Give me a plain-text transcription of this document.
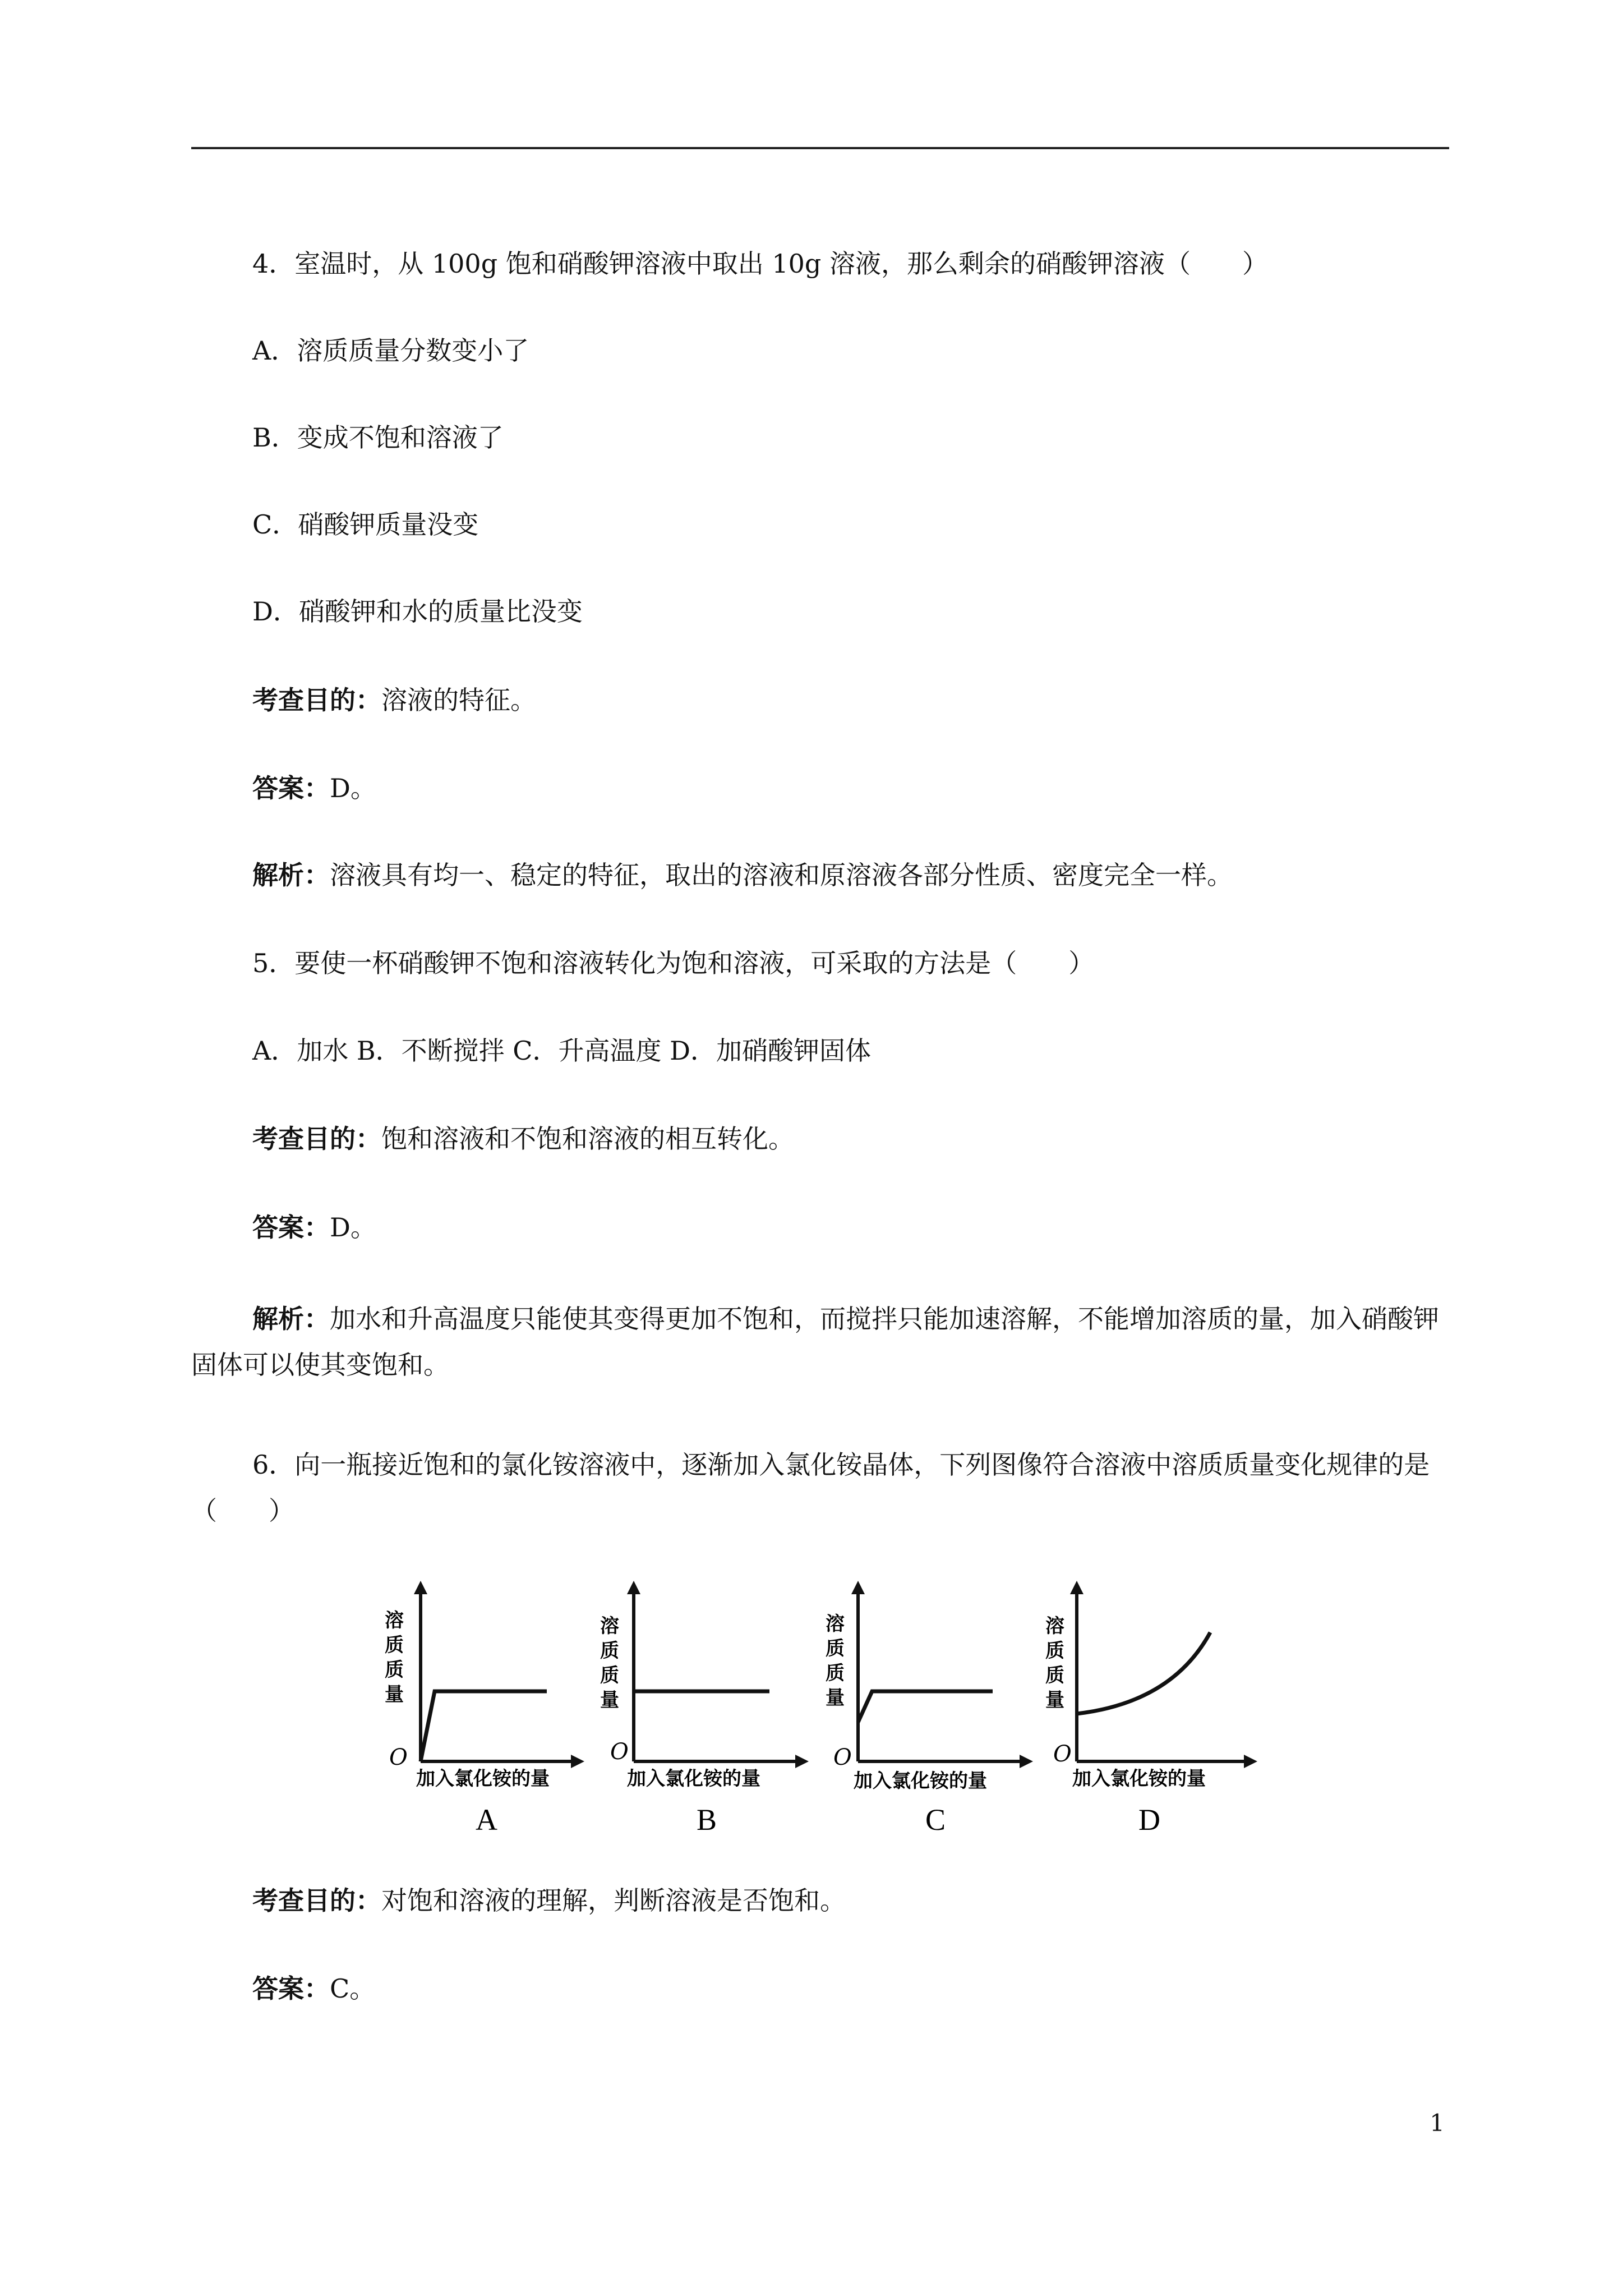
4．室温时，从 100g 饱和硝酸钾溶液中取出 10g 溶液，那么剩余的硝酸钾溶液（　　）
A．溶质质量分数变小了
B．变成不饱和溶液了
C．硝酸钾质量没变
D．硝酸钾和水的质量比没变
考查目的：溶液的特征。
答案：D。
解析：溶液具有均一、稳定的特征，取出的溶液和原溶液各部分性质、密度完全一样。
5．要使一杯硝酸钾不饱和溶液转化为饱和溶液，可采取的方法是（　　）
A．加水 B．不断搅拌 C．升高温度 D．加硝酸钾固体
考查目的：饱和溶液和不饱和溶液的相互转化。
答案：D。
解析：加水和升高温度只能使其变得更加不饱和，而搅拌只能加速溶解，不能增加溶质的量，加入硝酸钾固体可以使其变饱和。
6．向一瓶接近饱和的氯化铵溶液中，逐渐加入氯化铵晶体，下列图像符合溶液中溶质质量变化规律的是　（　　）
溶
质
质
量
O
加入氯化铵的量
A
溶
质
质
量
O
加入氯化铵的量
B
溶
质
质
量
O
加入氯化铵的量
C
溶
质
质
量
O
加入氯化铵的量
D
考查目的：对饱和溶液的理解，判断溶液是否饱和。
答案：C。
1
